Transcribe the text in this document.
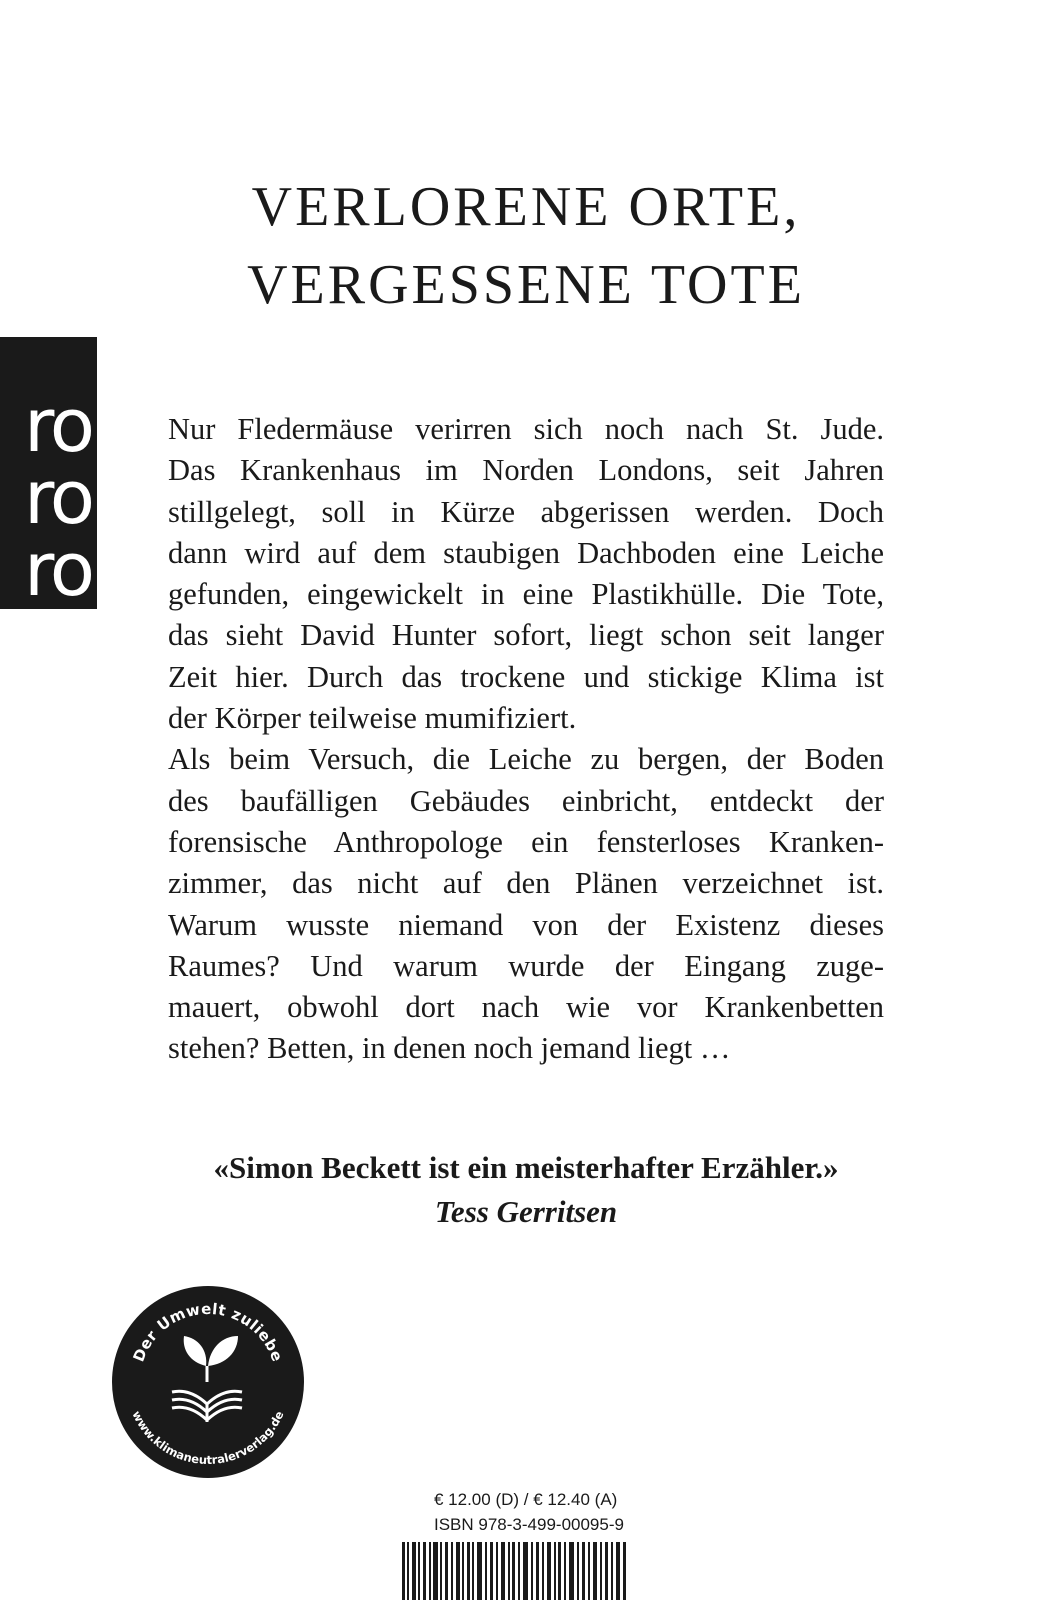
VERLORENE ORTE,
VERGESSENE TOTE
ro
ro
ro
Nur Fledermäuse verirren sich noch nach St. Jude.
Das Krankenhaus im Norden Londons, seit Jahren
stillgelegt, soll in Kürze abgerissen werden. Doch
dann wird auf dem staubigen Dachboden eine Leiche
gefunden, eingewickelt in eine Plastikhülle. Die Tote,
das sieht David Hunter sofort, liegt schon seit langer
Zeit hier. Durch das trockene und stickige Klima ist
der Körper teilweise mumifiziert.
Als beim Versuch, die Leiche zu bergen, der Boden
des baufälligen Gebäudes einbricht, entdeckt der
forensische Anthropologe ein fensterloses Kranken-
zimmer, das nicht auf den Plänen verzeichnet ist.
Warum wusste niemand von der Existenz dieses
Raumes? Und warum wurde der Eingang zuge-
mauert, obwohl dort nach wie vor Krankenbetten
stehen? Betten, in denen noch jemand liegt …
«Simon Beckett ist ein meisterhafter Erzähler.»
Tess Gerritsen
Der Umwelt zuliebe
www.klimaneutralerverlag.de
€ 12.00 (D) / € 12.40 (A)
ISBN 978-3-499-00095-9
